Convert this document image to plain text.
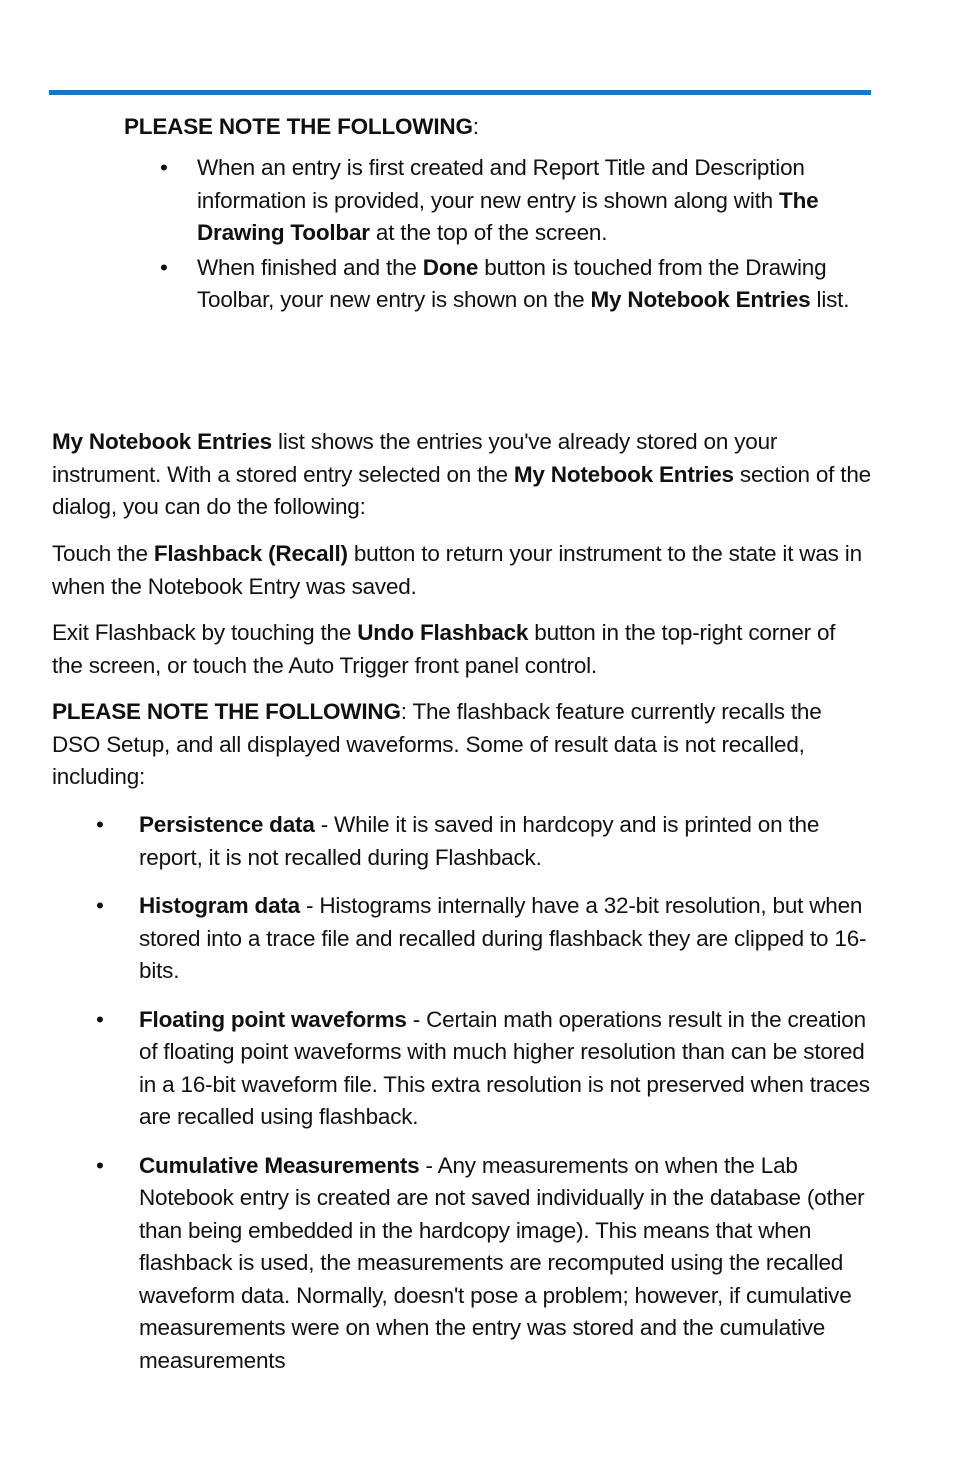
PLEASE NOTE THE FOLLOWING:
• When an entry is first created and Report Title and Description information is provided, your new entry is shown along with The Drawing Toolbar at the top of the screen.
• When finished and the Done button is touched from the Drawing Toolbar, your new entry is shown on the My Notebook Entries list.

My Notebook Entries list shows the entries you've already stored on your instrument. With a stored entry selected on the My Notebook Entries section of the dialog, you can do the following:

Touch the Flashback (Recall) button to return your instrument to the state it was in when the Notebook Entry was saved.

Exit Flashback by touching the Undo Flashback button in the top-right corner of the screen, or touch the Auto Trigger front panel control.

PLEASE NOTE THE FOLLOWING: The flashback feature currently recalls the DSO Setup, and all displayed waveforms. Some of result data is not recalled, including:

• Persistence data - While it is saved in hardcopy and is printed on the report, it is not recalled during Flashback.
• Histogram data - Histograms internally have a 32-bit resolution, but when stored into a trace file and recalled during flashback they are clipped to 16-bits.
• Floating point waveforms - Certain math operations result in the creation of floating point waveforms with much higher resolution than can be stored in a 16-bit waveform file. This extra resolution is not preserved when traces are recalled using flashback.
• Cumulative Measurements - Any measurements on when the Lab Notebook entry is created are not saved individually in the database (other than being embedded in the hardcopy image). This means that when flashback is used, the measurements are recomputed using the recalled waveform data. Normally, doesn't pose a problem; however, if cumulative measurements were on when the entry was stored and the cumulative measurements
